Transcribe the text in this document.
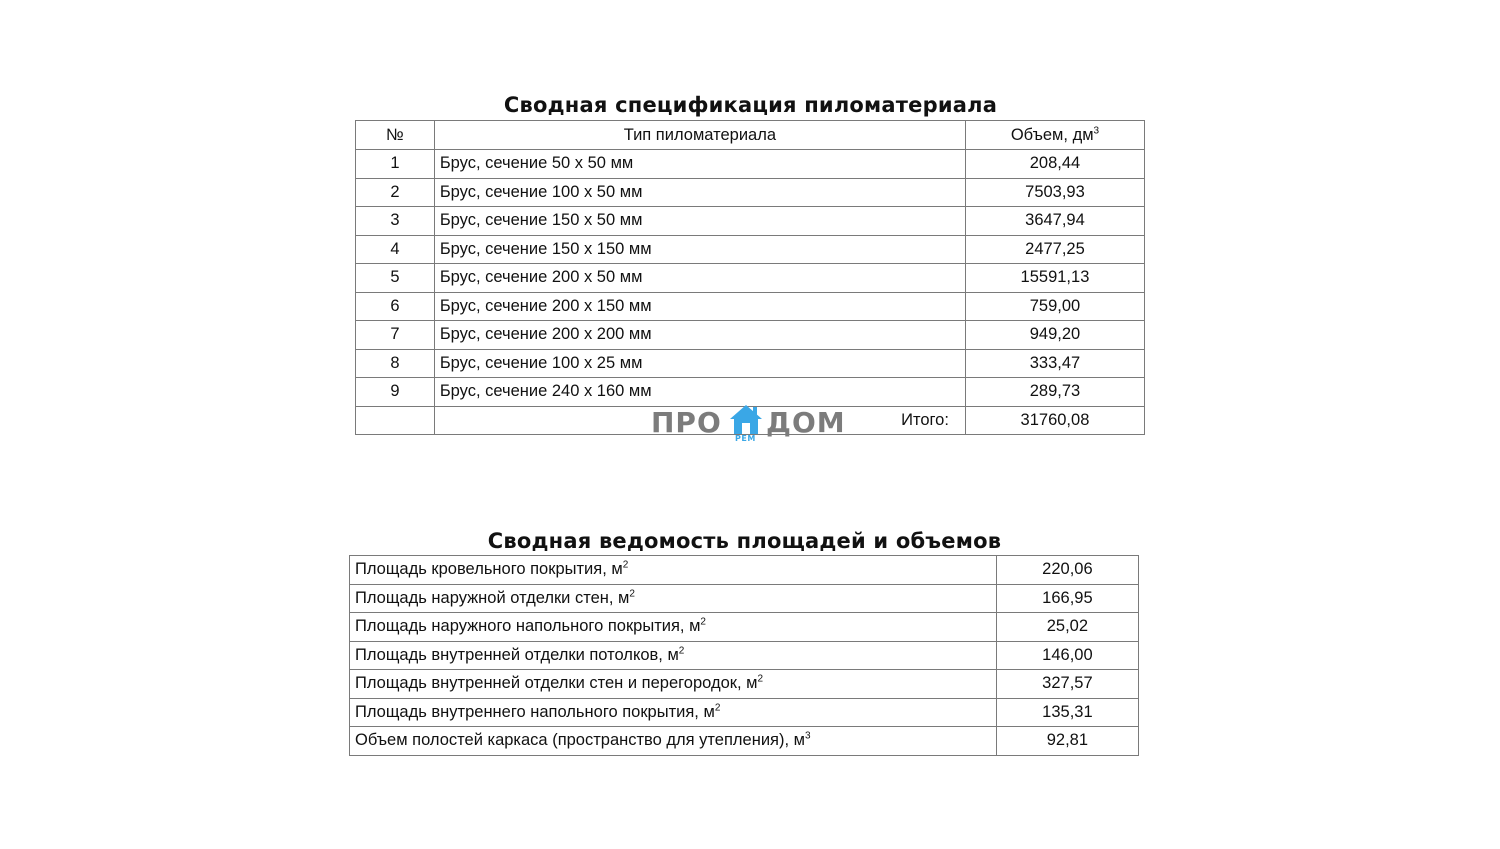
Сводная спецификация пиломатериала
№	Тип пиломатериала	Объем, $дм^3$
1	Брус, сечение 50 х 50 мм	208,44
2	Брус, сечение 100 х 50 мм	7503,93
3	Брус, сечение 150 х 50 мм	3647,94
4	Брус, сечение 150 х 150 мм	2477,25
5	Брус, сечение 200 х 50 мм	15591,13
6	Брус, сечение 200 х 150 мм	759,00
7	Брус, сечение 200 х 200 мм	949,20
8	Брус, сечение 100 х 25 мм	333,47
9	Брус, сечение 240 х 160 мм	289,73
	Итого:	31760,08
ПРО РЕМ ДОМ
Сводная ведомость площадей и объемов
Площадь кровельного покрытия, $м^2$	220,06
Площадь наружной отделки стен, $м^2$	166,95
Площадь наружного напольного покрытия, $м^2$	25,02
Площадь внутренней отделки потолков, $м^2$	146,00
Площадь внутренней отделки стен и перегородок, $м^2$	327,57
Площадь внутреннего напольного покрытия, $м^2$	135,31
Объем полостей каркаса (пространство для утепления), $м^3$	92,81
